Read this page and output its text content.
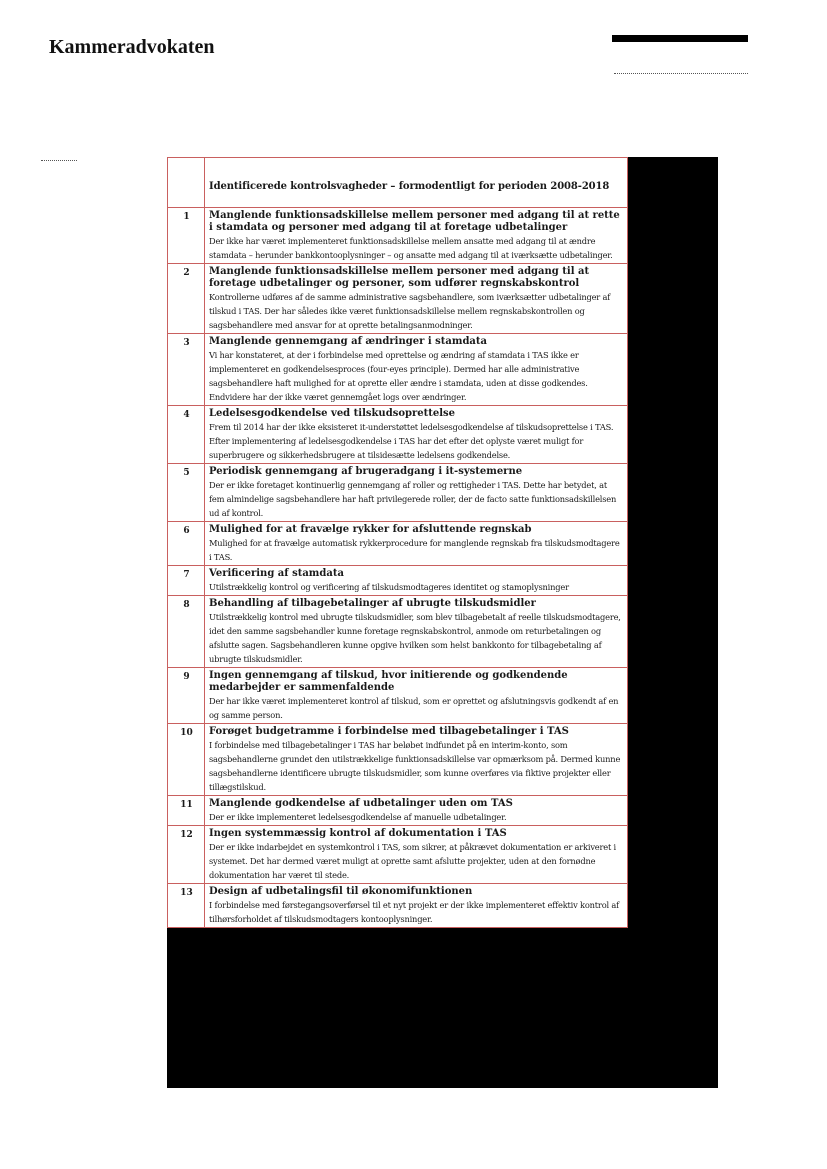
Kammeradvokaten
	Identificerede kontrolsvagheder – formodentligt for perioden 2008-2018
1	Manglende funktionsadskillelse mellem personer med adgang til at rette i stamdata og personer med adgang til at foretage udbetalinger
Der ikke har været implementeret funktionsadskillelse mellem ansatte med adgang til at ændre stamdata – herunder bankkontooplysninger – og ansatte med adgang til at iværksætte udbetalinger.

2	Manglende funktionsadskillelse mellem personer med adgang til at foretage udbetalinger og personer, som udfører regnskabskontrol
Kontrollerne udføres af de samme administrative sagsbehandlere, som iværksætter udbetalinger af tilskud i TAS. Der har således ikke været funktionsadskillelse mellem regnskabskontrollen og sagsbehandlere med ansvar for at oprette betalingsanmodninger.

3	Manglende gennemgang af ændringer i stamdata
Vi har konstateret, at der i forbindelse med oprettelse og ændring af stamdata i TAS ikke er implementeret en godkendelsesproces (four-eyes principle). Dermed har alle administrative sagsbehandlere haft mulighed for at oprette eller ændre i stamdata, uden at disse godkendes. Endvidere har der ikke været gennemgået logs over ændringer.

4	Ledelsesgodkendelse ved tilskudsoprettelse
Frem til 2014 har der ikke eksisteret it-understøttet ledelsesgodkendelse af tilskudsoprettelse i TAS. Efter implementering af ledelsesgodkendelse i TAS har det efter det oplyste været muligt for superbrugere og sikkerhedsbrugere at tilsidesætte ledelsens godkendelse.

5	Periodisk gennemgang af brugeradgang i it-systemerne
Der er ikke foretaget kontinuerlig gennemgang af roller og rettigheder i TAS. Dette har betydet, at fem almindelige sagsbehandlere har haft privilegerede roller, der de facto satte funktionsadskillelsen ud af kontrol.

6	Mulighed for at fravælge rykker for afsluttende regnskab
Mulighed for at fravælge automatisk rykkerprocedure for manglende regnskab fra tilskudsmodtagere i TAS.

7	Verificering af stamdata
Utilstrækkelig kontrol og verificering af tilskudsmodtageres identitet og stamoplysninger

8	Behandling af tilbagebetalinger af ubrugte tilskudsmidler
Utilstrækkelig kontrol med ubrugte tilskudsmidler, som blev tilbagebetalt af reelle tilskudsmodtagere, idet den samme sagsbehandler kunne foretage regnskabskontrol, anmode om returbetalingen og afslutte sagen. Sagsbehandleren kunne opgive hvilken som helst bankkonto for tilbagebetaling af ubrugte tilskudsmidler.

9	Ingen gennemgang af tilskud, hvor initierende og godkendende medarbejder er sammenfaldende
Der har ikke været implementeret kontrol af tilskud, som er oprettet og afslutningsvis godkendt af en og samme person.

10	Forøget budgetramme i forbindelse med tilbagebetalinger i TAS
I forbindelse med tilbagebetalinger i TAS har beløbet indfundet på en interim-konto, som sagsbehandlerne grundet den utilstrækkelige funktionsadskillelse var opmærksom på. Dermed kunne sagsbehandlerne identificere ubrugte tilskudsmidler, som kunne overføres via fiktive projekter eller tillægstilskud.

11	Manglende godkendelse af udbetalinger uden om TAS
Der er ikke implementeret ledelsesgodkendelse af manuelle udbetalinger.

12	Ingen systemmæssig kontrol af dokumentation i TAS
Der er ikke indarbejdet en systemkontrol i TAS, som sikrer, at påkrævet dokumentation er arkiveret i systemet. Det har dermed været muligt at oprette samt afslutte projekter, uden at den fornødne dokumentation har været til stede.

13	Design af udbetalingsfil til økonomifunktionen
I forbindelse med førstegangsoverførsel til et nyt projekt er der ikke implementeret effektiv kontrol af tilhørsforholdet af tilskudsmodtagers kontooplysninger.
